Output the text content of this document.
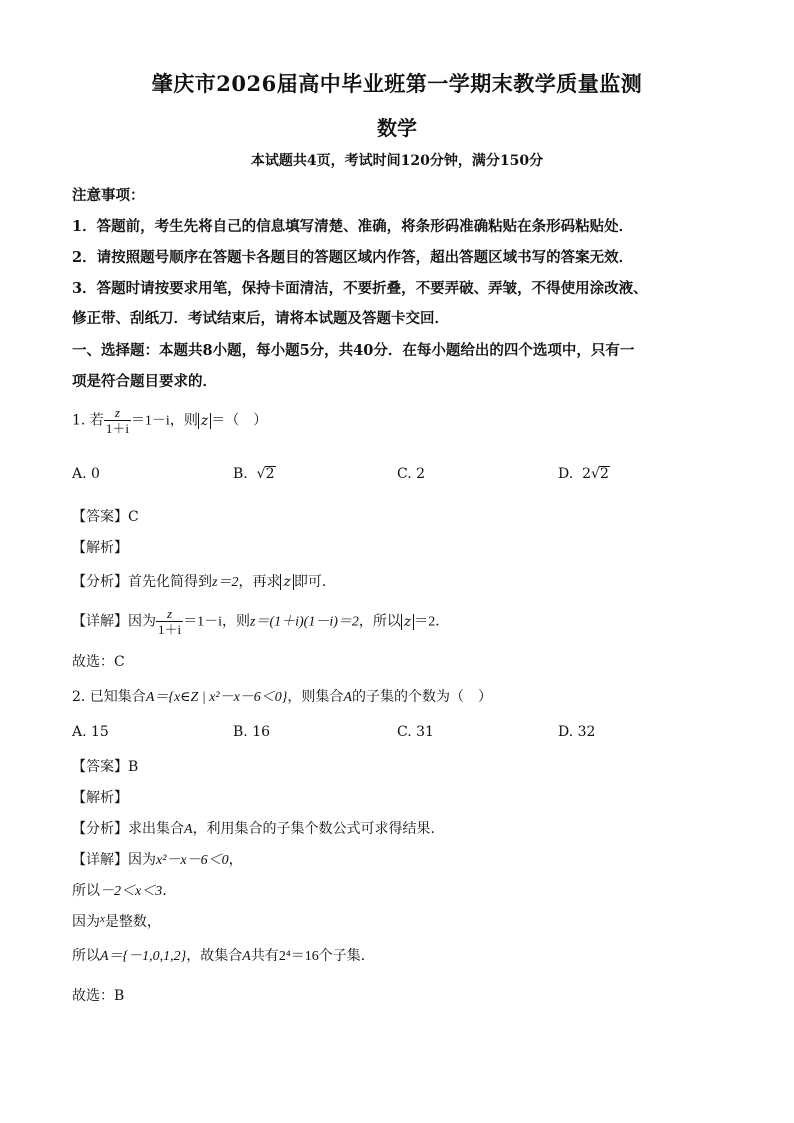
肇庆市2026届高中毕业班第一学期末教学质量监测
数学
本试题共4页，考试时间120分钟，满分150分
注意事项：
1．答题前，考生先将自己的信息填写清楚、准确，将条形码准确粘贴在条形码粘贴处．
2．请按照题号顺序在答题卡各题目的答题区域内作答，超出答题区域书写的答案无效．
3．答题时请按要求用笔，保持卡面清洁，不要折叠，不要弄破、弄皱，不得使用涂改液、
修正带、刮纸刀．考试结束后，请将本试题及答题卡交回．
一、选择题：本题共8小题，每小题5分，共40分．在每小题给出的四个选项中，只有一
项是符合题目要求的．
1. 若 $\frac{z}{1+i} =1-i$，则 z ＝（　）
A. 0	B.  √2	C. 2	D. 2√2
【答案】C
【解析】
【分析】首先化简得到z＝2，再求 z 即可.
【详解】因为 $\frac{z}{1+i} =1-i$，则z＝(1＋i)(1－i)＝2，所以 z ＝2．
故选：C
2. 已知集合A＝{x∈Z | x²－x－6＜0}，则集合A的子集的个数为（　）
A. 15	B. 16	C. 31	D. 32
【答案】B
【解析】
【分析】求出集合A，利用集合的子集个数公式可求得结果.
【详解】因为x²－x－6＜0，
所以－2＜x＜3．
因为$^x$是整数，
所以A＝{－1,0,1,2}，故集合A共有2⁴＝16个子集．
故选：B
